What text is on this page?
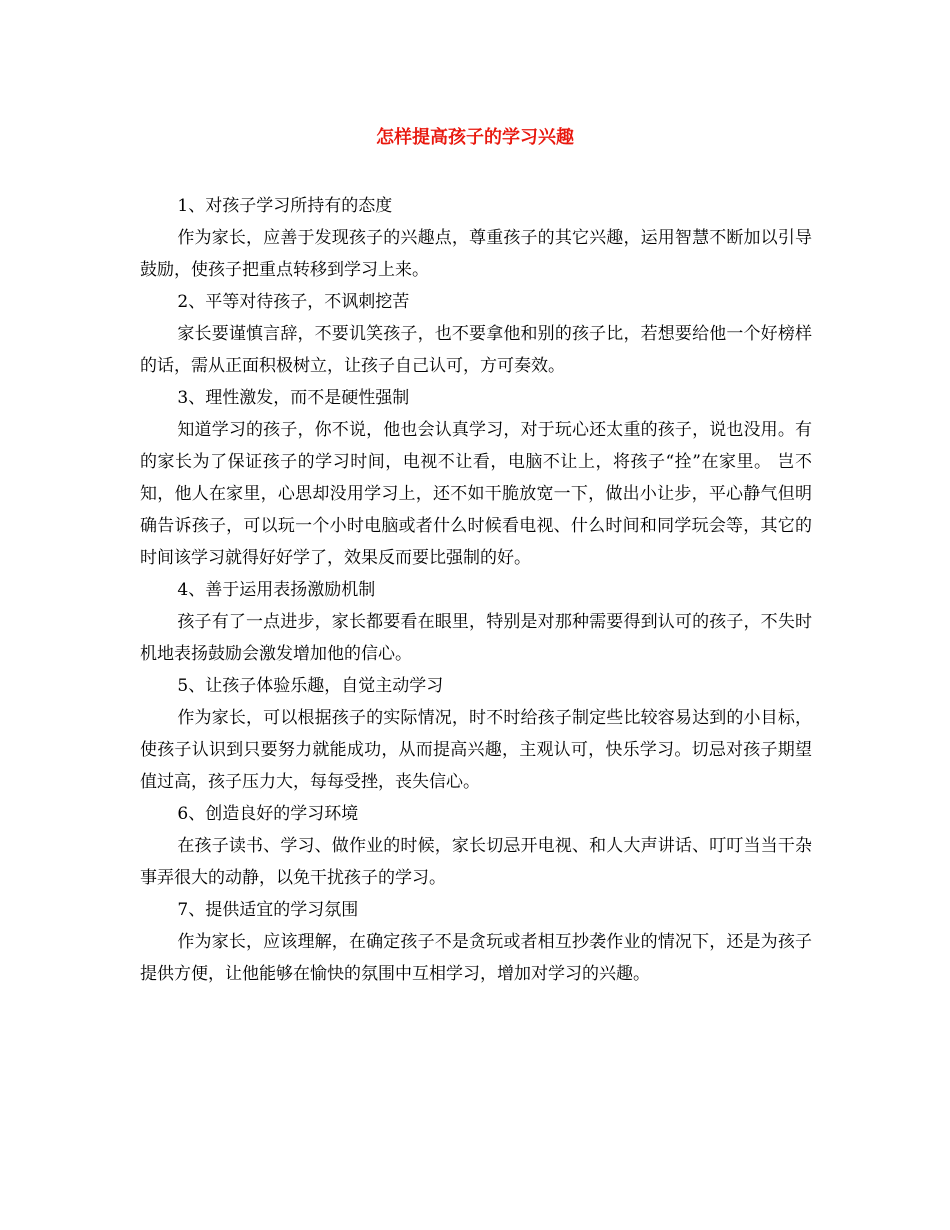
怎样提高孩子的学习兴趣

1、对孩子学习所持有的态度

作为家长，应善于发现孩子的兴趣点，尊重孩子的其它兴趣，运用智慧不断加以引导鼓励，使孩子把重点转移到学习上来。

2、平等对待孩子，不讽刺挖苦

家长要谨慎言辞，不要讥笑孩子，也不要拿他和别的孩子比，若想要给他一个好榜样的话，需从正面积极树立，让孩子自己认可，方可奏效。

3、理性激发，而不是硬性强制

知道学习的孩子，你不说，他也会认真学习，对于玩心还太重的孩子，说也没用。有的家长为了保证孩子的学习时间，电视不让看，电脑不让上，将孩子“拴”在家里。 岂不知，他人在家里，心思却没用学习上，还不如干脆放宽一下，做出小让步，平心静气但明确告诉孩子，可以玩一个小时电脑或者什么时候看电视、什么时间和同学玩会等，其它的时间该学习就得好好学了，效果反而要比强制的好。

4、善于运用表扬激励机制

孩子有了一点进步，家长都要看在眼里，特别是对那种需要得到认可的孩子，不失时机地表扬鼓励会激发增加他的信心。

5、让孩子体验乐趣，自觉主动学习

作为家长，可以根据孩子的实际情况，时不时给孩子制定些比较容易达到的小目标，使孩子认识到只要努力就能成功，从而提高兴趣，主观认可，快乐学习。切忌对孩子期望值过高，孩子压力大，每每受挫，丧失信心。

6、创造良好的学习环境

在孩子读书、学习、做作业的时候，家长切忌开电视、和人大声讲话、叮叮当当干杂事弄很大的动静，以免干扰孩子的学习。

7、提供适宜的学习氛围

作为家长，应该理解，在确定孩子不是贪玩或者相互抄袭作业的情况下，还是为孩子提供方便，让他能够在愉快的氛围中互相学习，增加对学习的兴趣。
